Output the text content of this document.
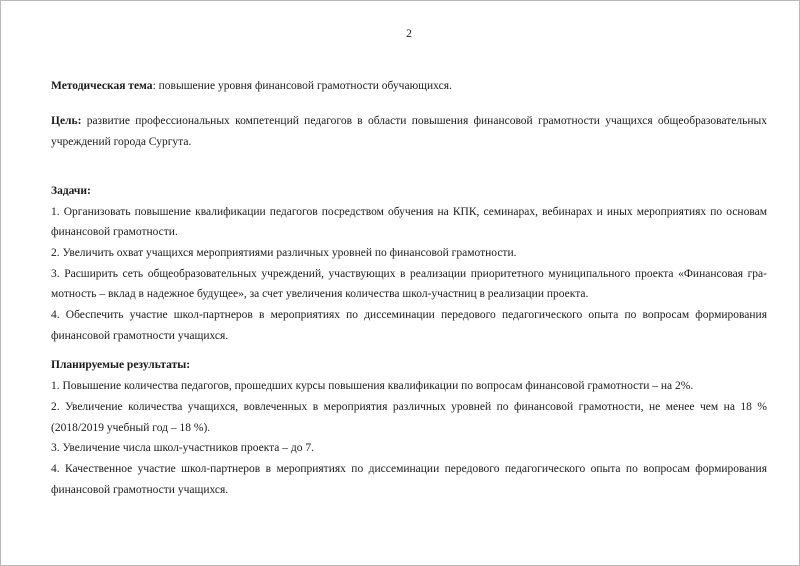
2
Методическая тема: повышение уровня финансовой грамотности обучающихся.
Цель: развитие профессиональных компетенций педагогов в области повышения финансовой грамотности учащихся общеобразовательных
учреждений города Сургута.
Задачи:
1. Организовать повышение квалификации педагогов посредством обучения на КПК, семинарах, вебинарах и иных мероприятиях по основам
финансовой грамотности.
2. Увеличить охват учащихся мероприятиями различных уровней по финансовой грамотности.
3. Расширить сеть общеобразовательных учреждений, участвующих в реализации приоритетного муниципального проекта «Финансовая гра-
мотность – вклад в надежное будущее», за счет увеличения количества школ-участниц в реализации проекта.
4. Обеспечить участие школ-партнеров в мероприятиях по диссеминации передового педагогического опыта по вопросам формирования
финансовой грамотности учащихся.
Планируемые результаты:
1. Повышение количества педагогов, прошедших курсы повышения квалификации по вопросам финансовой грамотности – на 2%.
2. Увеличение количества учащихся, вовлеченных в мероприятия различных уровней по финансовой грамотности, не менее чем на 18 %
(2018/2019 учебный год – 18 %).
3. Увеличение числа школ-участников проекта – до 7.
4. Качественное участие школ-партнеров в мероприятиях по диссеминации передового педагогического опыта по вопросам формирования
финансовой грамотности учащихся.
